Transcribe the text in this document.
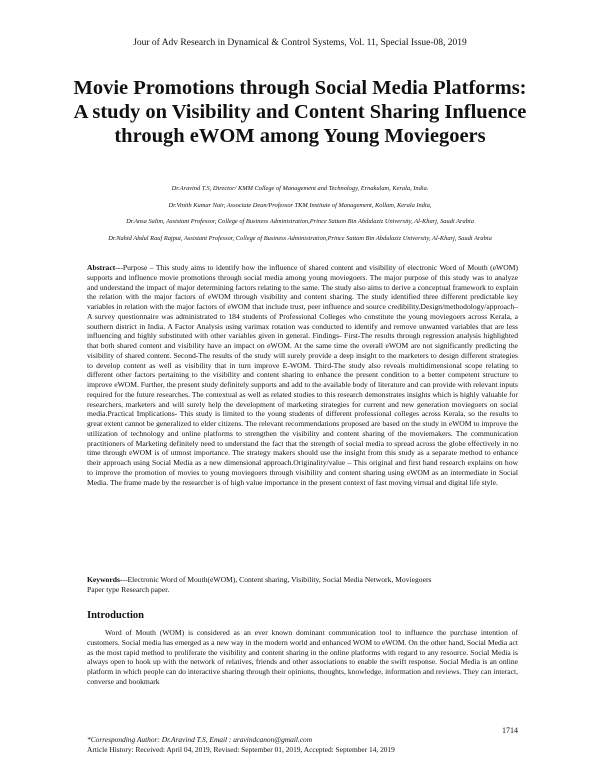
Jour of Adv Research in Dynamical & Control Systems, Vol. 11, Special Issue-08, 2019
Movie Promotions through Social Media Platforms: A study on Visibility and Content Sharing Influence through eWOM among Young Moviegoers
Dr.Aravind T.S, Director/ KMM College of Management and Technology, Ernakulam, Kerala, India.
Dr.Vinith Kumar Nair, Associate Dean/Professor TKM Institute of Management, Kollam, Kerala India,
Dr.Ansa Salim, Assistant Professor, College of Business Administration,Prince Sattam Bin Abdulaziz University, Al-Kharj, Saudi Arabia
Dr.Nahid Abdul Rauf Rajput, Assistant Professor, College of Business Administration,Prince Sattam Bin Abdulaziz University, Al-Kharj, Saudi Arabia
Abstract---Purpose – This study aims to identify how the influence of shared content and visibility of electronic Word of Mouth (eWOM) supports and influence movie promotions through social media among young moviegoers. The major purpose of this study was to analyze and understand the impact of major determining factors relating to the same. The study also aims to derive a conceptual framework to explain the relation with the major factors of eWOM through visibility and content sharing. The study identified three different predictable key variables in relation with the major factors of eWOM that include trust, peer influence and source credibility.Design/methodology/approach–A survey questionnaire was administrated to 184 students of Professional Colleges who constitute the young moviegoers across Kerala, a southern district in India. A Factor Analysis using varimax rotation was conducted to identify and remove unwanted variables that are less influencing and highly substituted with other variables given in general. Findings- First-The results through regression analysis highlighted that both shared content and visibility have an impact on eWOM. At the same time the overall eWOM are not significantly predicting the visibility of shared content. Second-The results of the study will surely provide a deep insight to the marketers to design different strategies to develop content as well as visibility that in turn improve E-WOM. Third-The study also reveals multidimensional scope relating to different other factors pertaining to the visibility and content sharing to enhance the present condition to a better competent structure to improve eWOM. Further, the present study definitely supports and add to the available body of literature and can provide with relevant inputs required for the future researches. The contextual as well as related studies to this research demonstrates insights which is highly valuable for researchers, marketers and will surely help the development of marketing strategies for current and new generation moviegoers on social media.Practical Implications- This study is limited to the young students of different professional colleges across Kerala, so the results to great extent cannot be generalized to elder citizens. The relevant recommendations proposed are based on the study in eWOM to improve the utilization of technology and online platforms to strengthen the visibility and content sharing of the moviemakers. The communication practitioners of Marketing definitely need to understand the fact that the strength of social media to spread across the globe effectively in no time through eWOM is of utmost importance. The strategy makers should use the insight from this study as a separate method to enhance their approach using Social Media as a new dimensional approach.Originality/value – This original and first hand research explains on how to improve the promotion of movies to young moviegoers through visibility and content sharing using eWOM as an intermediate in Social Media. The frame made by the researcher is of high value importance in the present context of fast moving virtual and digital life style.
Keywords---Electronic Word of Mouth(eWOM), Content sharing, Visibility, Social Media Network, Moviegoers
Paper type Research paper.
Introduction
Word of Mouth (WOM) is considered as an ever known dominant communication tool to influence the purchase intention of customers. Social media has emerged as a new way in the modern world and enhanced WOM to eWOM. On the other hand, Social Media act as the most rapid method to proliferate the visibility and content sharing in the online platforms with regard to any resource. Social Media is always open to hook up with the network of relatives, friends and other associations to enable the swift response. Social Media is an online platform in which people can do interactive sharing through their opinions, thoughts, knowledge, information and reviews. They can interact, converse and bookmark
1714
*Corresponding Author: Dr.Aravind T.S, Email : aravindcanon@gmail.com
Article History: Received: April 04, 2019, Revised: September 01, 2019, Accepted: September 14, 2019
